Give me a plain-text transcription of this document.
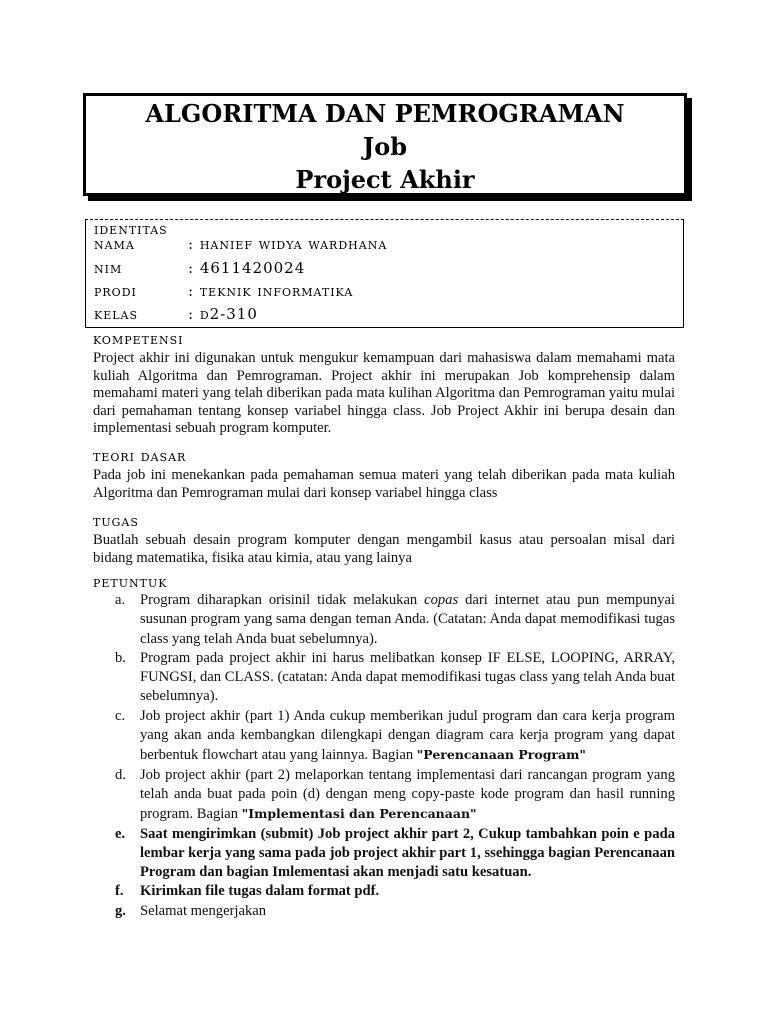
ALGORITMA DAN PEMROGRAMAN
Job
Project Akhir
identitas
nama	: hanief widya wardhana
nim	: 4611420024
prodi	: teknik informatika
kelas	: d2-310
kompetensi

Project akhir ini digunakan untuk mengukur kemampuan dari mahasiswa dalam memahami mata kuliah Algoritma dan Pemrograman. Project akhir ini merupakan Job komprehensip dalam memahami materi yang telah diberikan pada mata kulihan Algoritma dan Pemrograman yaitu mulai dari pemahaman tentang konsep variabel hingga class. Job Project Akhir ini berupa desain dan implementasi sebuah program komputer.

teori dasar

Pada job ini menekankan pada pemahaman semua materi yang telah diberikan pada mata kuliah Algoritma dan Pemrograman mulai dari konsep variabel hingga class

tugas

Buatlah sebuah desain program komputer dengan mengambil kasus atau persoalan misal dari bidang matematika, fisika atau kimia, atau yang lainya

petuntuk
a. Program diharapkan orisinil tidak melakukan copas dari internet atau pun mempunyai susunan program yang sama dengan teman Anda. (Catatan: Anda dapat memodifikasi tugas class yang telah Anda buat sebelumnya).
b. Program pada project akhir ini harus melibatkan konsep IF ELSE, LOOPING, ARRAY, FUNGSI, dan CLASS. (catatan: Anda dapat memodifikasi tugas class yang telah Anda buat sebelumnya).
c. Job project akhir (part 1) Anda cukup memberikan judul program dan cara kerja program yang akan anda kembangkan dilengkapi dengan diagram cara kerja program yang dapat berbentuk flowchart atau yang lainnya. Bagian "Perencanaan Program"
d. Job project akhir (part 2) melaporkan tentang implementasi dari rancangan program yang telah anda buat pada poin (d) dengan meng copy-paste kode program dan hasil running program. Bagian "Implementasi dan Perencanaan"
e. Saat mengirimkan (submit) Job project akhir part 2, Cukup tambahkan poin e pada lembar kerja yang sama pada job project akhir part 1, ssehingga bagian Perencanaan Program dan bagian Imlementasi akan menjadi satu kesatuan.
f. Kirimkan file tugas dalam format pdf.
g. Selamat mengerjakan
